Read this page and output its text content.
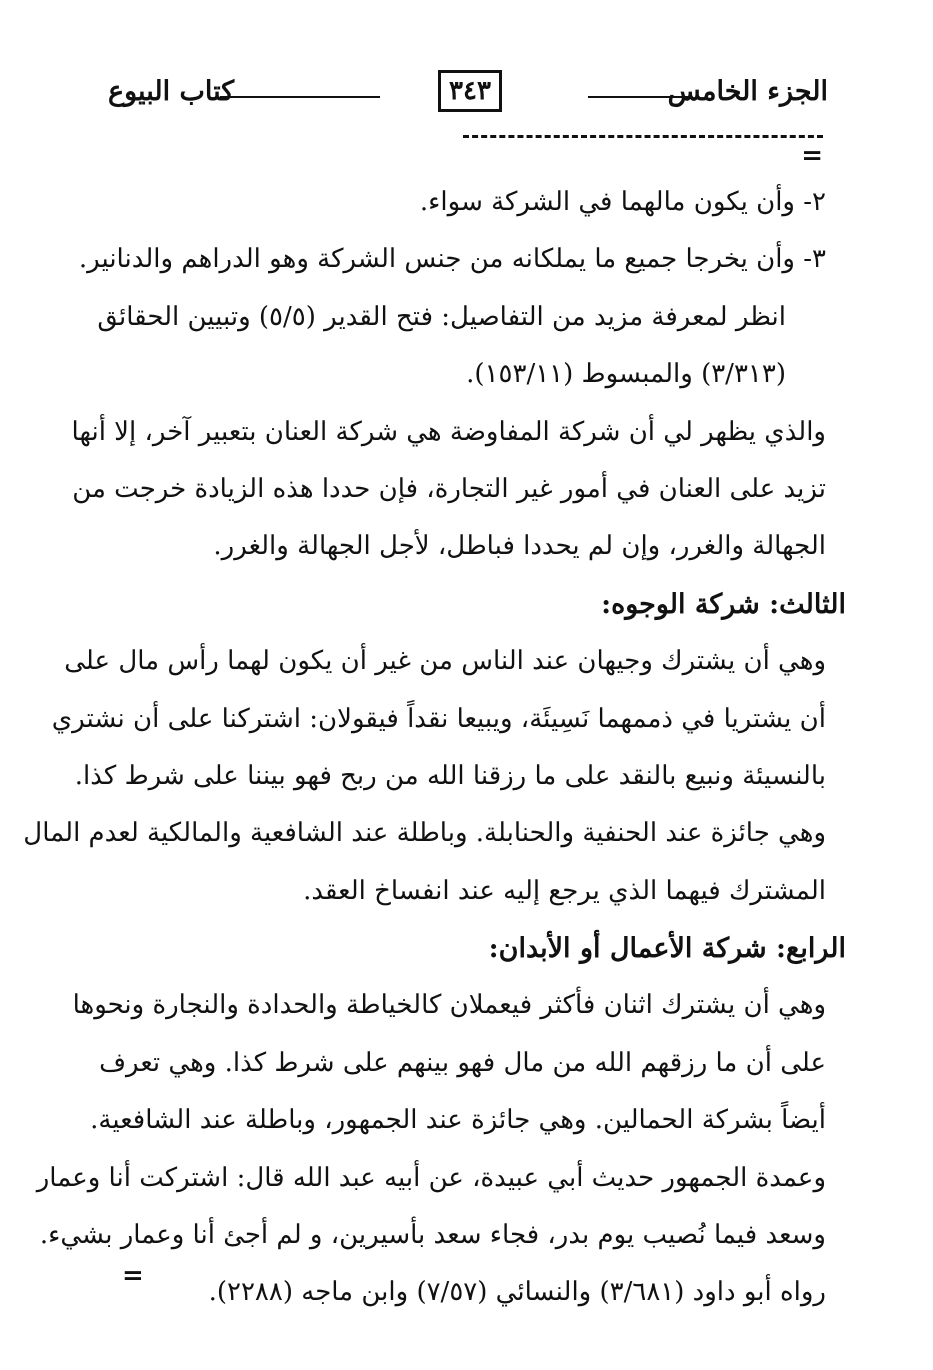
الجزء الخامس
٣٤٣
كتاب البيوع
=
٢- وأن يكون مالهما في الشركة سواء.
٣- وأن يخرجا جميع ما يملكانه من جنس الشركة وهو الدراهم والدنانير.
انظر لمعرفة مزيد من التفاصيل: فتح القدير (٥/٥) وتبيين الحقائق
(٣/٣١٣) والمبسوط (١٥٣/١١).
والذي يظهر لي أن شركة المفاوضة هي شركة العنان بتعبير آخر، إلا أنها
تزيد على العنان في أمور غير التجارة، فإن حددا هذه الزيادة خرجت من
الجهالة والغرر، وإن لم يحددا فباطل، لأجل الجهالة والغرر.
الثالث: شركة الوجوه:
وهي أن يشترك وجيهان عند الناس من غير أن يكون لهما رأس مال على
أن يشتريا في ذممهما نَسِيئَة، ويبيعا نقداً فيقولان: اشتركنا على أن نشتري
بالنسيئة ونبيع بالنقد على ما رزقنا الله من ربح فهو بيننا على شرط كذا.
وهي جائزة عند الحنفية والحنابلة. وباطلة عند الشافعية والمالكية لعدم المال
المشترك فيهما الذي يرجع إليه عند انفساخ العقد.
الرابع: شركة الأعمال أو الأبدان:
وهي أن يشترك اثنان فأكثر فيعملان كالخياطة والحدادة والنجارة ونحوها
على أن ما رزقهم الله من مال فهو بينهم على شرط كذا. وهي تعرف
أيضاً بشركة الحمالين. وهي جائزة عند الجمهور، وباطلة عند الشافعية.
وعمدة الجمهور حديث أبي عبيدة، عن أبيه عبد الله قال: اشتركت أنا وعمار
وسعد فيما نُصيب يوم بدر، فجاء سعد بأسيرين، و لم أجئ أنا وعمار بشيء.
رواه أبو داود (٣/٦٨١) والنسائي (٧/٥٧) وابن ماجه (٢٢٨٨).
=
